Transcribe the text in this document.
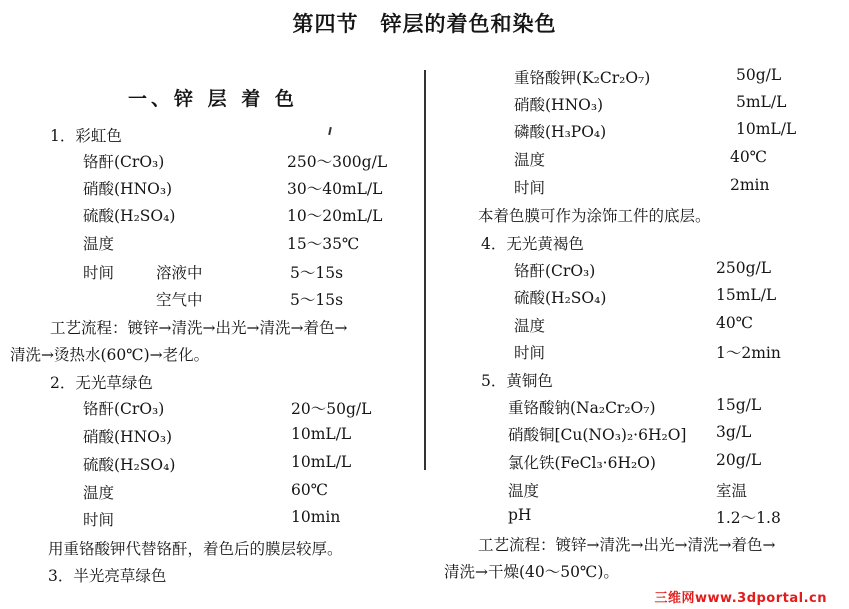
第四节　锌层的着色和染色
一、锌 层 着 色
1．彩虹色
铬酐(CrO₃)	250～300g/L
硝酸(HNO₃)	30～40mL/L
硫酸(H₂SO₄)	10～20mL/L
温度	15～35℃
时间	溶液中	5～15s
空气中	5～15s
工艺流程：镀锌→清洗→出光→清洗→着色→
清洗→烫热水(60℃)→老化。
2．无光草绿色
铬酐(CrO₃)	20～50g/L
硝酸(HNO₃)	10mL/L
硫酸(H₂SO₄)	10mL/L
温度	60℃
时间	10min
用重铬酸钾代替铬酐，着色后的膜层较厚。
3．半光亮草绿色
重铬酸钾(K₂Cr₂O₇)	50g/L
硝酸(HNO₃)	5mL/L
磷酸(H₃PO₄)	10mL/L
温度	40℃
时间	2min
本着色膜可作为涂饰工件的底层。
4．无光黄褐色
铬酐(CrO₃)	250g/L
硫酸(H₂SO₄)	15mL/L
温度	40℃
时间	1～2min
5．黄铜色
重铬酸钠(Na₂Cr₂O₇)	15g/L
硝酸铜[Cu(NO₃)₂·6H₂O] 3g/L
氯化铁(FeCl₃·6H₂O)	20g/L
温度	室温
pH	1.2～1.8
工艺流程：镀锌→清洗→出光→清洗→着色→
清洗→干燥(40～50℃)。
三维网www.3dportal.cn
